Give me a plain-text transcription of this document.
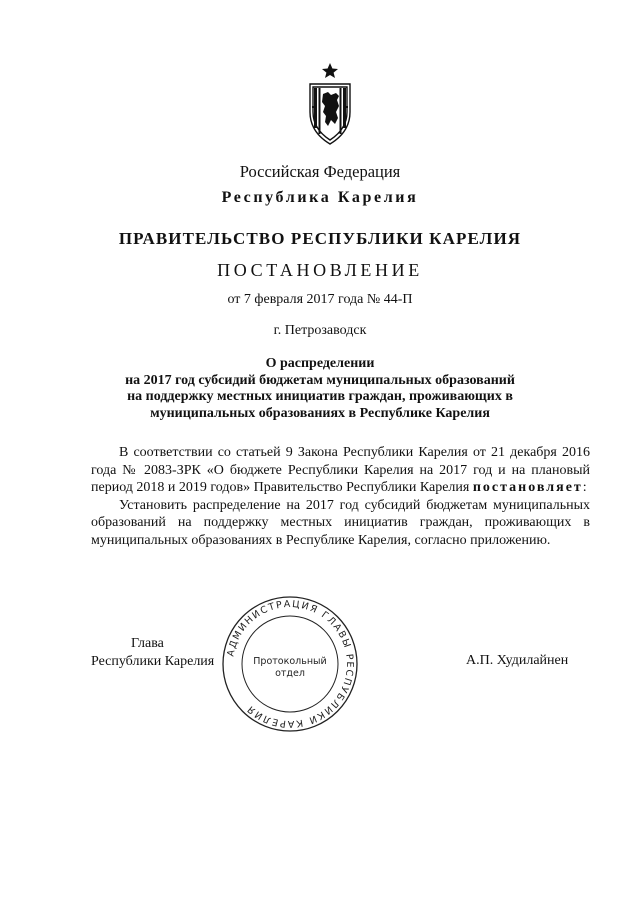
Российская Федерация
Республика Карелия
ПРАВИТЕЛЬСТВО РЕСПУБЛИКИ КАРЕЛИЯ
ПОСТАНОВЛЕНИЕ
от 7 февраля 2017 года № 44-П
г. Петрозаводск
О распределении
на 2017 год субсидий бюджетам муниципальных образований
на поддержку местных инициатив граждан, проживающих в
муниципальных образованиях в Республике Карелия
В соответствии со статьей 9 Закона Республики Карелия от 21 декабря 2016 года № 2083-ЗРК «О бюджете Республики Карелия на 2017 год и на плановый период 2018 и 2019 годов» Правительство Республики Карелия постановляет:
Установить распределение на 2017 год субсидий бюджетам муниципальных образований на поддержку местных инициатив граждан, проживающих в муниципальных образованиях в Республике Карелия, согласно приложению.
АДМИНИСТРАЦИЯ ГЛАВЫ РЕСПУБЛИКИ КАРЕЛИЯ
Протокольный
отдел
Глава
Республики Карелия	А.П. Худилайнен
